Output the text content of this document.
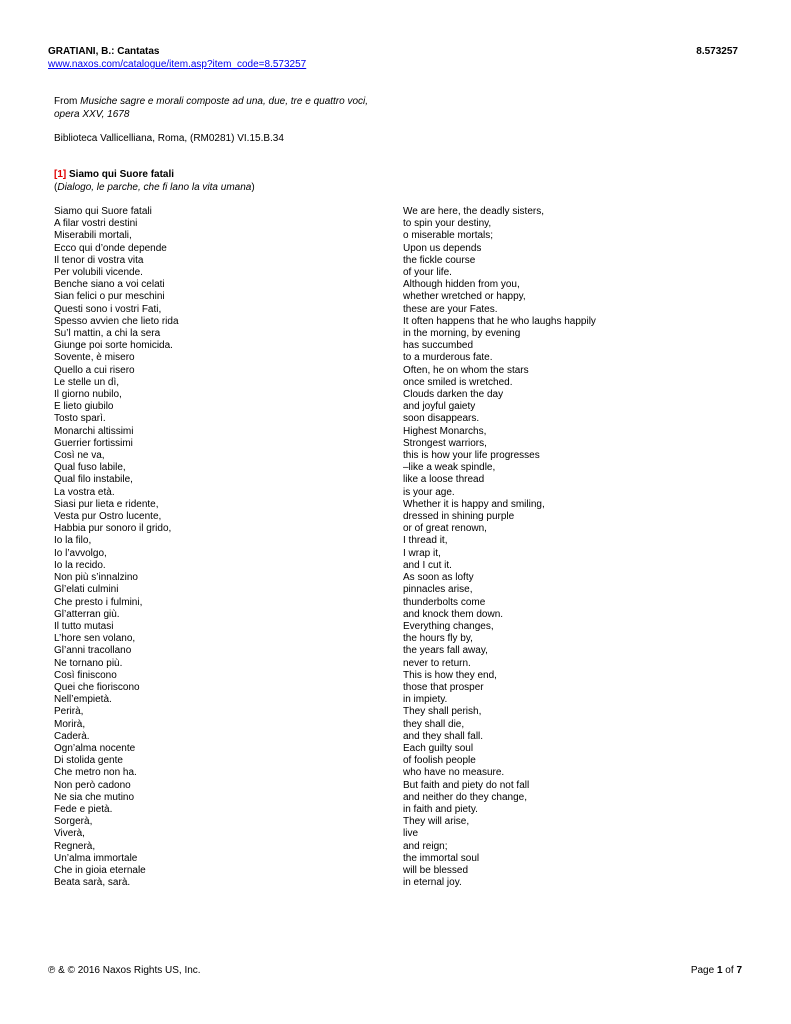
GRATIANI, B.: Cantatas	8.573257
www.naxos.com/catalogue/item.asp?item_code=8.573257
From Musiche sagre e morali composte ad una, due, tre e quattro voci,
opera XXV, 1678
Biblioteca Vallicelliana, Roma, (RM0281) VI.15.B.34
[1] Siamo qui Suore fatali
(Dialogo, le parche, che fi lano la vita umana)
Siamo qui Suore fatali
A filar vostri destini
Miserabili mortali,
Ecco qui d’onde depende
Il tenor di vostra vita
Per volubili vicende.
Benche siano a voi celati
Sian felici o pur meschini
Questi sono i vostri Fati,
Spesso avvien che lieto rida
Su’l mattin, a chi la sera
Giunge poi sorte homicida.
Sovente, è misero
Quello a cui risero
Le stelle un dì,
Il giorno nubilo,
E lieto giubilo
Tosto sparì.
Monarchi altissimi
Guerrier fortissimi
Così ne va,
Qual fuso labile,
Qual filo instabile,
La vostra età.
Siasi pur lieta e ridente,
Vesta pur Ostro lucente,
Habbia pur sonoro il grido,
Io la filo,
Io l’avvolgo,
Io la recido.
Non più s’innalzino
Gl’elati culmini
Che presto i fulmini,
Gl’atterran giù.
Il tutto mutasi
L’hore sen volano,
Gl’anni tracollano
Ne tornano più.
Così finiscono
Quei che fioriscono
Nell’empietà.
Perirà,
Morirà,
Caderà.
Ogn’alma nocente
Di stolida gente
Che metro non ha.
Non però cadono
Ne sia che mutino
Fede e pietà.
Sorgerà,
Viverà,
Regnerà,
Un’alma immortale
Che in gioia eternale
Beata sarà, sarà.
We are here, the deadly sisters,
to spin your destiny,
o miserable mortals;
Upon us depends
the fickle course
of your life.
Although hidden from you,
whether wretched or happy,
these are your Fates.
It often happens that he who laughs happily
in the morning, by evening
has succumbed
to a murderous fate.
Often, he on whom the stars
once smiled is wretched.
Clouds darken the day
and joyful gaiety
soon disappears.
Highest Monarchs,
Strongest warriors,
this is how your life progresses
–like a weak spindle,
like a loose thread
is your age.
Whether it is happy and smiling,
dressed in shining purple
or of great renown,
I thread it,
I wrap it,
and I cut it.
As soon as lofty
pinnacles arise,
thunderbolts come
and knock them down.
Everything changes,
the hours fly by,
the years fall away,
never to return.
This is how they end,
those that prosper
in impiety.
They shall perish,
they shall die,
and they shall fall.
Each guilty soul
of foolish people
who have no measure.
But faith and piety do not fall
and neither do they change,
in faith and piety.
They will arise,
live
and reign;
the immortal soul
will be blessed
in eternal joy.
℗ & © 2016 Naxos Rights US, Inc.	Page 1 of 7
